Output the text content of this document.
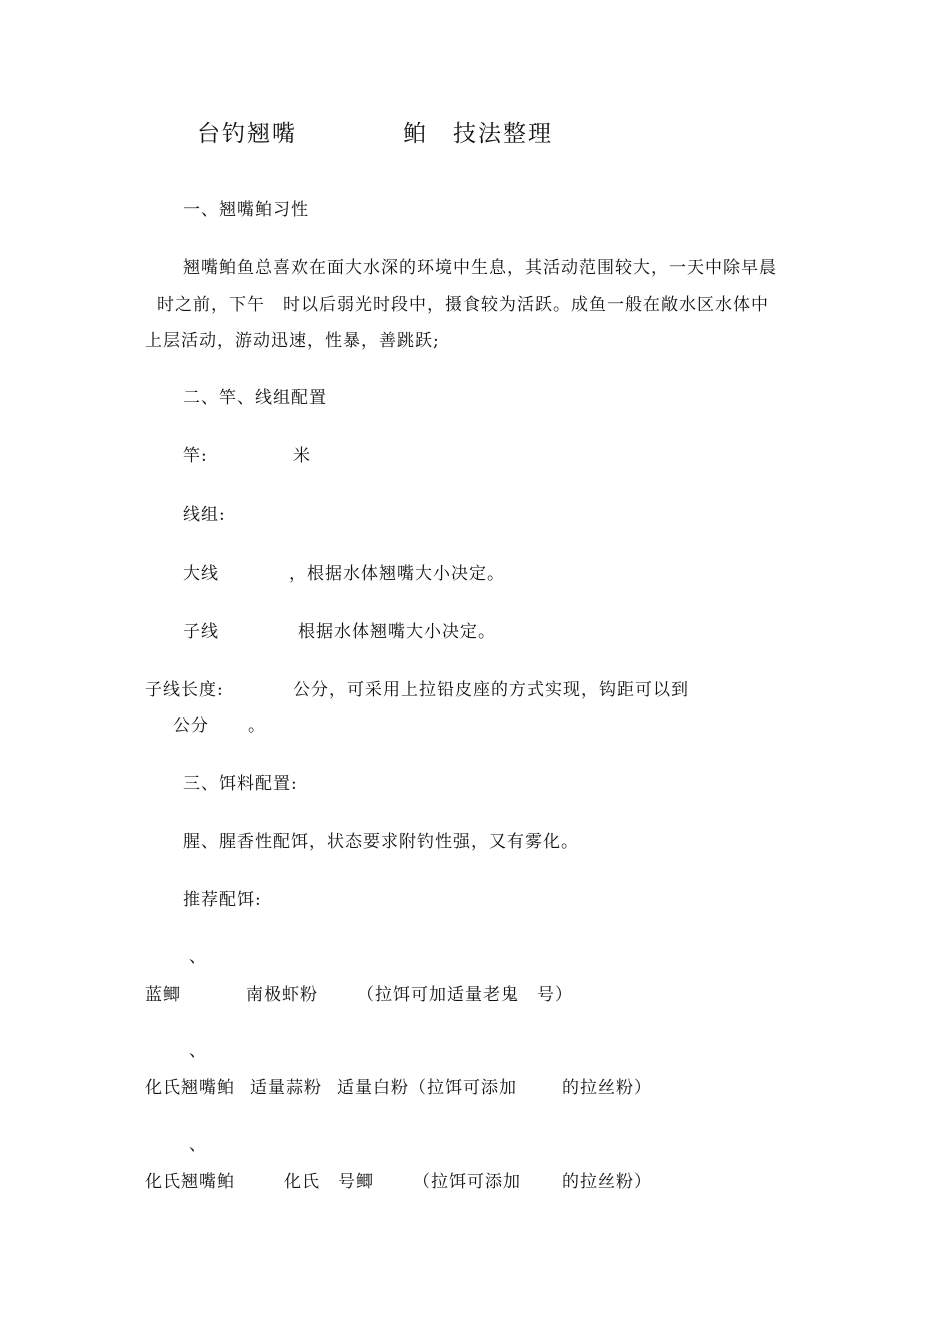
台钓翘嘴	鲌　技法整理
一、翘嘴鲌习性
翘嘴鲌鱼总喜欢在面大水深的环境中生息，其活动范围较大，一天中除早晨
时之前，下午　时以后弱光时段中，摄食较为活跃。成鱼一般在敞水区水体中
上层活动，游动迅速，性暴，善跳跃;
二、竿、线组配置
竿:	米
线组:
大线	，根据水体翘嘴大小决定。
子线	根据水体翘嘴大小决定。
子线长度:	公分，可采用上拉铅皮座的方式实现，钩距可以到
公分 。
三、饵料配置:
腥、腥香性配饵，状态要求附钓性强，又有雾化。
推荐配饵:
、
蓝鲫	南极虾粉 （拉饵可加适量老鬼　号）
、
化氏翘嘴鲌 适量蒜粉 适量白粉（拉饵可添加	的拉丝粉）
、
化氏翘嘴鲌	化氏　号鲫 （拉饵可添加 的拉丝粉）
